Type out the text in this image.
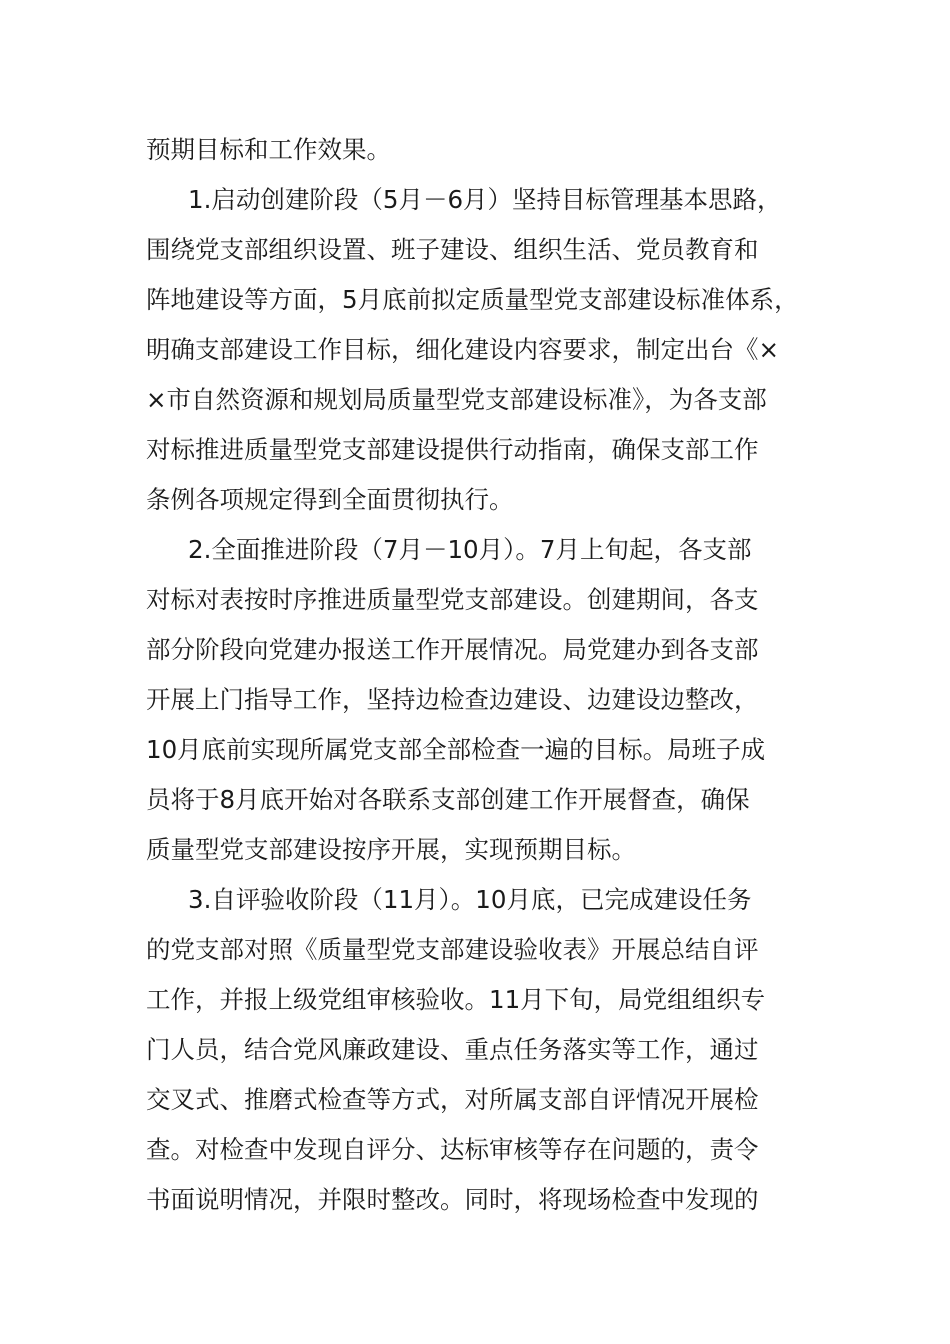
预期目标和工作效果。
1.启动创建阶段（5月－6月）坚持目标管理基本思路，
围绕党支部组织设置、班子建设、组织生活、党员教育和
阵地建设等方面，5月底前拟定质量型党支部建设标准体系，
明确支部建设工作目标，细化建设内容要求，制定出台《×
×市自然资源和规划局质量型党支部建设标准》，为各支部
对标推进质量型党支部建设提供行动指南，确保支部工作
条例各项规定得到全面贯彻执行。
2.全面推进阶段（7月－10月）。7月上旬起，各支部
对标对表按时序推进质量型党支部建设。创建期间，各支
部分阶段向党建办报送工作开展情况。局党建办到各支部
开展上门指导工作，坚持边检查边建设、边建设边整改，
10月底前实现所属党支部全部检查一遍的目标。局班子成
员将于8月底开始对各联系支部创建工作开展督查，确保
质量型党支部建设按序开展，实现预期目标。
3.自评验收阶段（11月）。10月底，已完成建设任务
的党支部对照《质量型党支部建设验收表》开展总结自评
工作，并报上级党组审核验收。11月下旬，局党组组织专
门人员，结合党风廉政建设、重点任务落实等工作，通过
交叉式、推磨式检查等方式，对所属支部自评情况开展检
查。对检查中发现自评分、达标审核等存在问题的，责令
书面说明情况，并限时整改。同时，将现场检查中发现的
